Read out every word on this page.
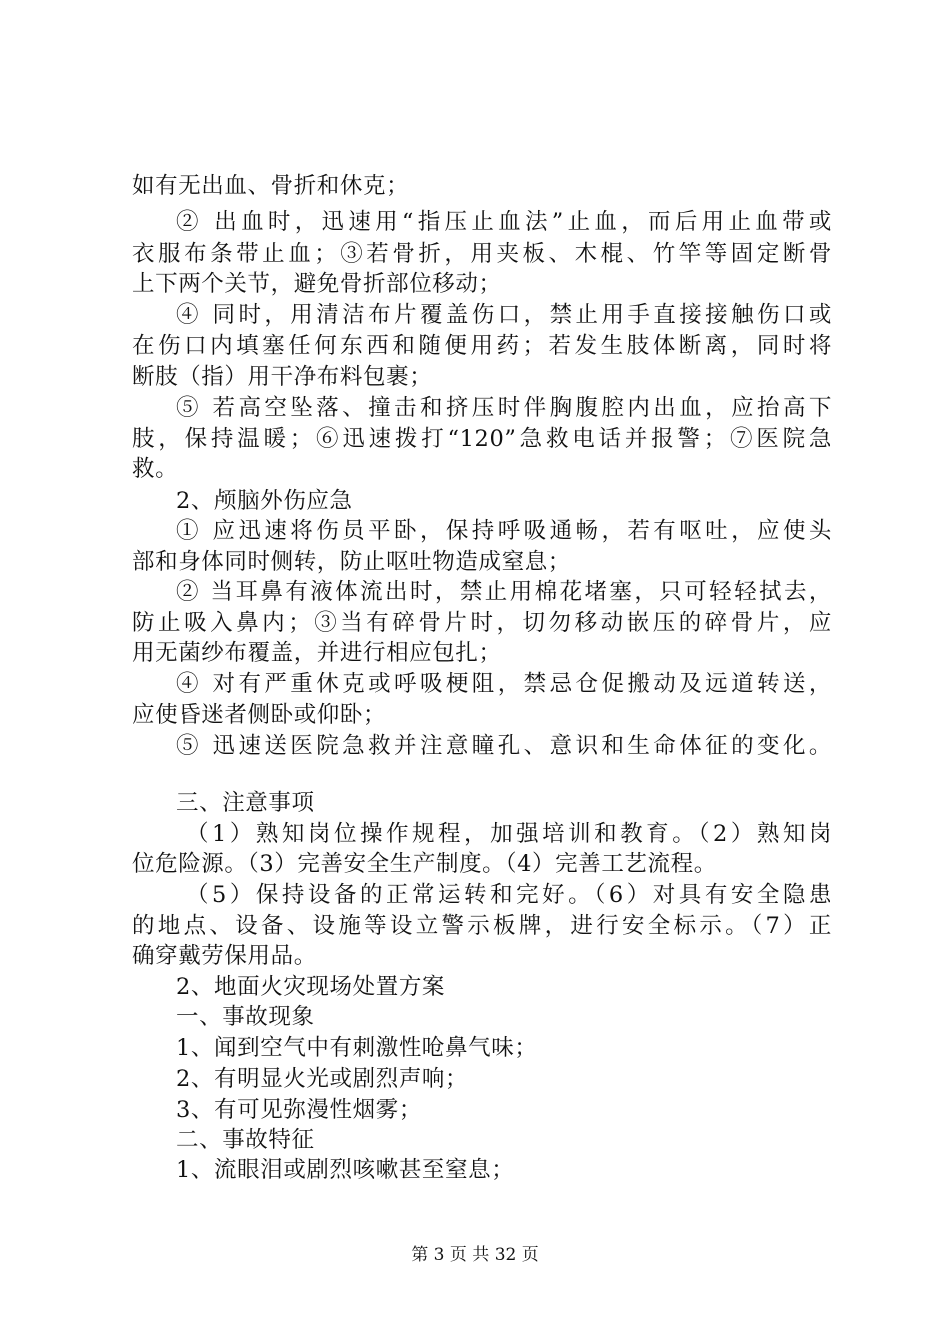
如有无出血、骨折和休克；
② 出血时，迅速用“指压止血法”止血，而后用止血带或
衣服布条带止血；③若骨折，用夹板、木棍、竹竿等固定断骨
上下两个关节，避免骨折部位移动；
④ 同时，用清洁布片覆盖伤口，禁止用手直接接触伤口或
在伤口内填塞任何东西和随便用药；若发生肢体断离，同时将
断肢（指）用干净布料包裹；
⑤ 若高空坠落、撞击和挤压时伴胸腹腔内出血，应抬高下
肢，保持温暖；⑥迅速拨打“120”急救电话并报警；⑦医院急
救。
2、颅脑外伤应急
① 应迅速将伤员平卧，保持呼吸通畅，若有呕吐，应使头
部和身体同时侧转，防止呕吐物造成窒息；
② 当耳鼻有液体流出时，禁止用棉花堵塞，只可轻轻拭去，
防止吸入鼻内；③当有碎骨片时，切勿移动嵌压的碎骨片，应
用无菌纱布覆盖，并进行相应包扎；
④ 对有严重休克或呼吸梗阻，禁忌仓促搬动及远道转送，
应使昏迷者侧卧或仰卧；
⑤ 迅速送医院急救并注意瞳孔、意识和生命体征的变化。
三、注意事项
（1）熟知岗位操作规程，加强培训和教育。（2）熟知岗
位危险源。（3）完善安全生产制度。（4）完善工艺流程。
（5）保持设备的正常运转和完好。（6）对具有安全隐患
的地点、设备、设施等设立警示板牌，进行安全标示。（7）正
确穿戴劳保用品。
2、地面火灾现场处置方案
一、事故现象
1、闻到空气中有刺激性呛鼻气味；
2、有明显火光或剧烈声响；
3、有可见弥漫性烟雾；
二、事故特征
1、流眼泪或剧烈咳嗽甚至窒息；
第 3 页 共 32 页
